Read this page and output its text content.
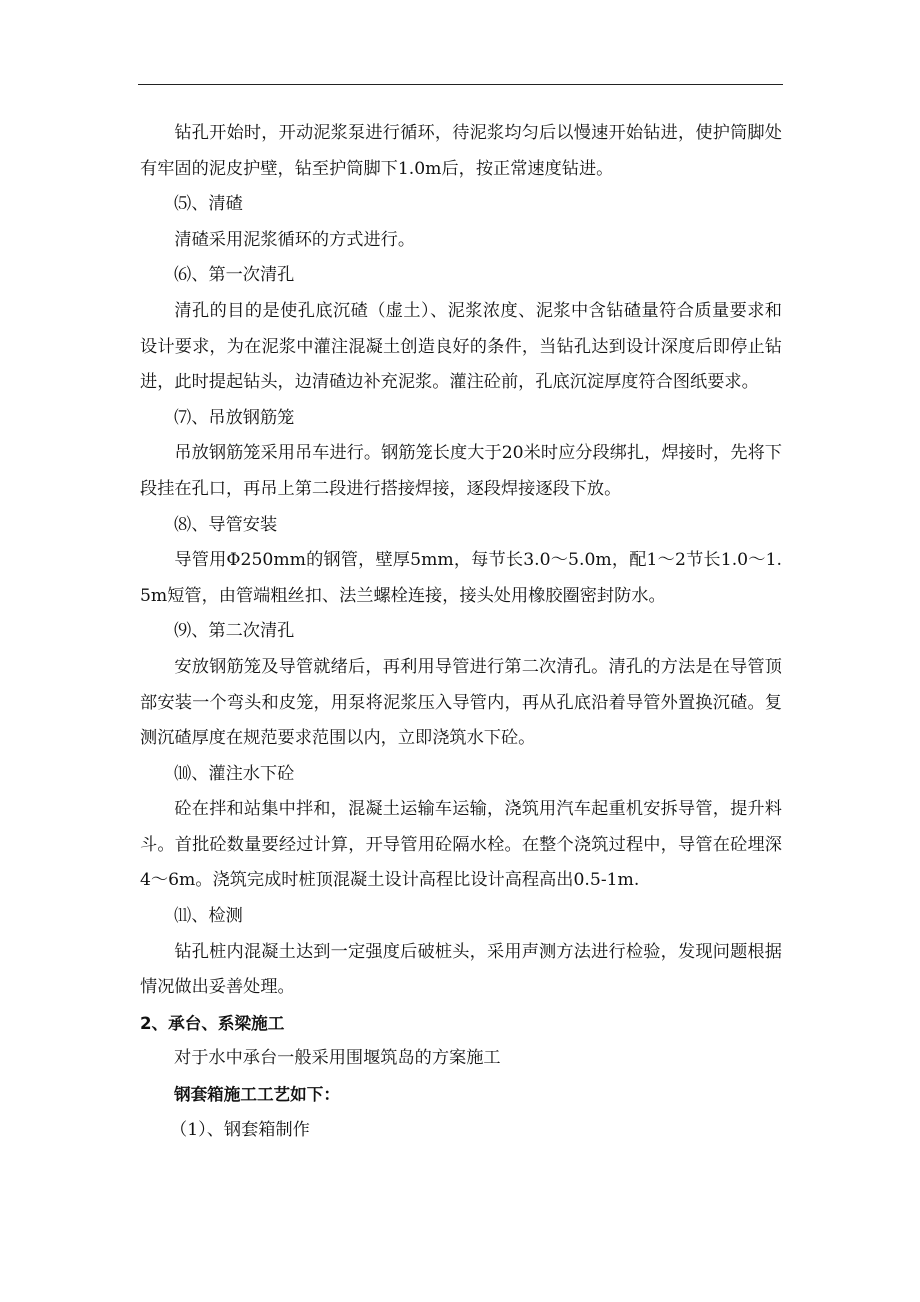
钻孔开始时，开动泥浆泵进行循环，待泥浆均匀后以慢速开始钻进，使护筒脚处有牢固的泥皮护壁，钻至护筒脚下1.0m后，按正常速度钻进。
⑸、清碴
清碴采用泥浆循环的方式进行。
⑹、第一次清孔
清孔的目的是使孔底沉碴（虚土）、泥浆浓度、泥浆中含钻碴量符合质量要求和设计要求，为在泥浆中灌注混凝土创造良好的条件，当钻孔达到设计深度后即停止钻进，此时提起钻头，边清碴边补充泥浆。灌注砼前，孔底沉淀厚度符合图纸要求。
⑺、吊放钢筋笼
吊放钢筋笼采用吊车进行。钢筋笼长度大于20米时应分段绑扎，焊接时，先将下段挂在孔口，再吊上第二段进行搭接焊接，逐段焊接逐段下放。
⑻、导管安装
导管用Φ250mm的钢管，壁厚5mm，每节长3.0～5.0m，配1～2节长1.0～1.5m短管，由管端粗丝扣、法兰螺栓连接，接头处用橡胶圈密封防水。
⑼、第二次清孔
安放钢筋笼及导管就绪后，再利用导管进行第二次清孔。清孔的方法是在导管顶部安装一个弯头和皮笼，用泵将泥浆压入导管内，再从孔底沿着导管外置换沉碴。复测沉碴厚度在规范要求范围以内，立即浇筑水下砼。
⑽、灌注水下砼
砼在拌和站集中拌和，混凝土运输车运输，浇筑用汽车起重机安拆导管，提升料斗。首批砼数量要经过计算，开导管用砼隔水栓。在整个浇筑过程中，导管在砼埋深4～6m。浇筑完成时桩顶混凝土设计高程比设计高程高出0.5-1m.
⑾、检测
钻孔桩内混凝土达到一定强度后破桩头，采用声测方法进行检验，发现问题根据情况做出妥善处理。
2、承台、系梁施工
对于水中承台一般采用围堰筑岛的方案施工
钢套箱施工工艺如下：
（1）、钢套箱制作
